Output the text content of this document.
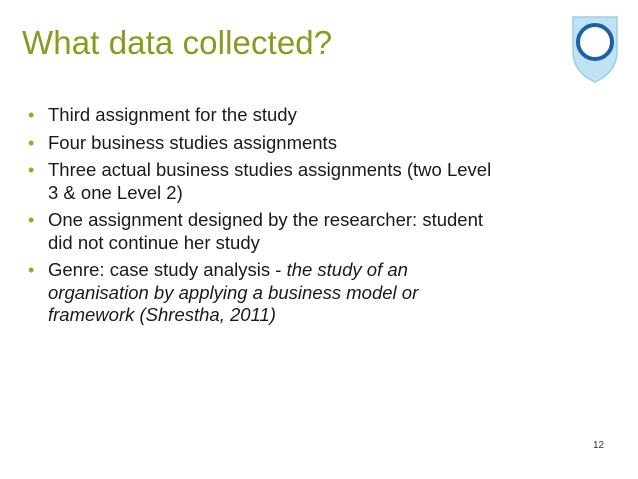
What data collected?
• Third assignment for the study
• Four business studies assignments
• Three actual business studies assignments (two Level
3 & one Level 2)
• One assignment designed by the researcher: student
did not continue her study
• Genre: case study analysis - the study of an
organisation by applying a business model or
framework (Shrestha, 2011)
12
